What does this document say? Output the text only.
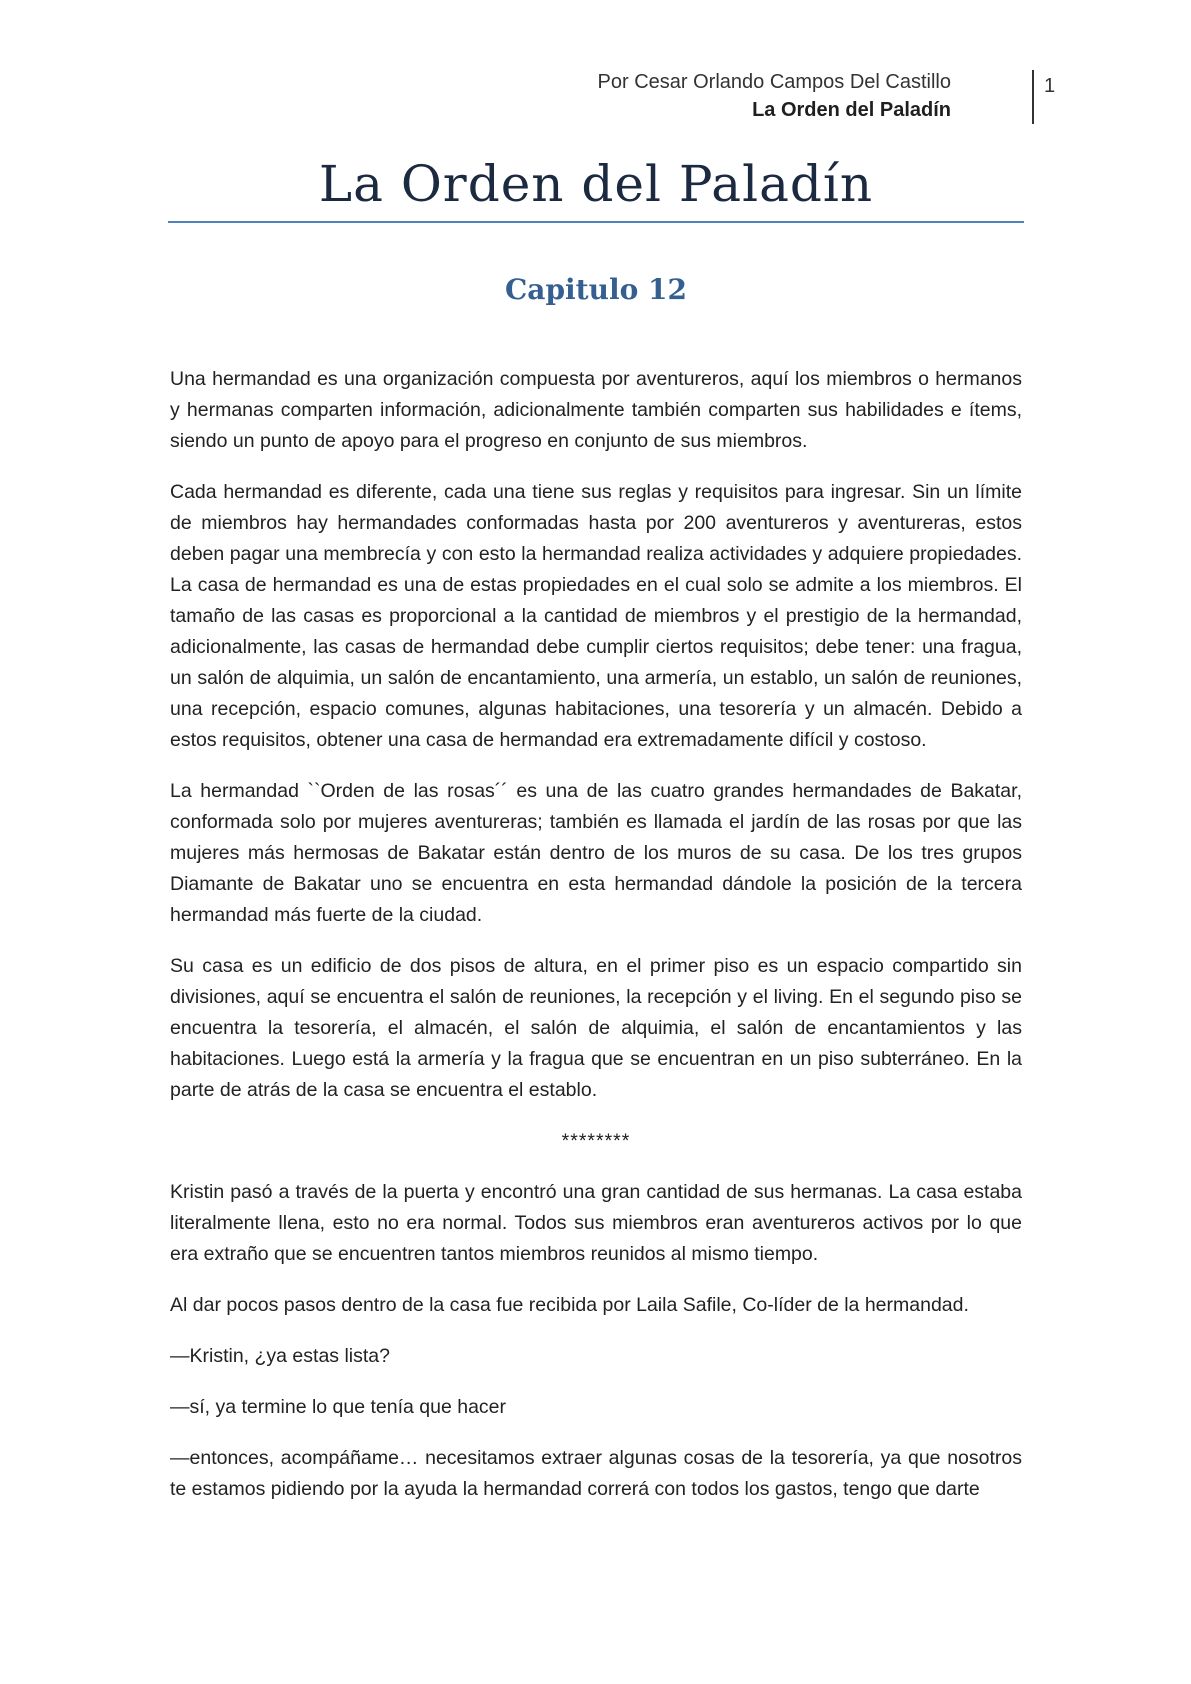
Por Cesar Orlando Campos Del Castillo
La Orden del Paladín
1
La Orden del Paladín
Capitulo 12

Una hermandad es una organización compuesta por aventureros, aquí los miembros o hermanos y hermanas comparten información, adicionalmente también comparten sus habilidades e ítems, siendo un punto de apoyo para el progreso en conjunto de sus miembros.

Cada hermandad es diferente, cada una tiene sus reglas y requisitos para ingresar. Sin un límite de miembros hay hermandades conformadas hasta por 200 aventureros y aventureras, estos deben pagar una membrecía y con esto la hermandad realiza actividades y adquiere propiedades. La casa de hermandad es una de estas propiedades en el cual solo se admite a los miembros. El tamaño de las casas es proporcional a la cantidad de miembros y el prestigio de la hermandad, adicionalmente, las casas de hermandad debe cumplir ciertos requisitos; debe tener: una fragua, un salón de alquimia, un salón de encantamiento, una armería, un establo, un salón de reuniones, una recepción, espacio comunes, algunas habitaciones, una tesorería y un almacén. Debido a estos requisitos, obtener una casa de hermandad era extremadamente difícil y costoso.

La hermandad ``Orden de las rosas´´ es una de las cuatro grandes hermandades de Bakatar, conformada solo por mujeres aventureras; también es llamada el jardín de las rosas por que las mujeres más hermosas de Bakatar están dentro de los muros de su casa. De los tres grupos Diamante de Bakatar uno se encuentra en esta hermandad dándole la posición de la tercera hermandad más fuerte de la ciudad.

Su casa es un edificio de dos pisos de altura, en el primer piso es un espacio compartido sin divisiones, aquí se encuentra el salón de reuniones, la recepción y el living. En el segundo piso se encuentra la tesorería, el almacén, el salón de alquimia, el salón de encantamientos y las habitaciones. Luego está la armería y la fragua que se encuentran en un piso subterráneo. En la parte de atrás de la casa se encuentra el establo.

********

Kristin pasó a través de la puerta y encontró una gran cantidad de sus hermanas. La casa estaba literalmente llena, esto no era normal. Todos sus miembros eran aventureros activos por lo que era extraño que se encuentren tantos miembros reunidos al mismo tiempo.

Al dar pocos pasos dentro de la casa fue recibida por Laila Safile, Co-líder de la hermandad.

—Kristin, ¿ya estas lista?

—sí, ya termine lo que tenía que hacer

—entonces, acompáñame… necesitamos extraer algunas cosas de la tesorería, ya que nosotros te estamos pidiendo por la ayuda la hermandad correrá con todos los gastos, tengo que darte
